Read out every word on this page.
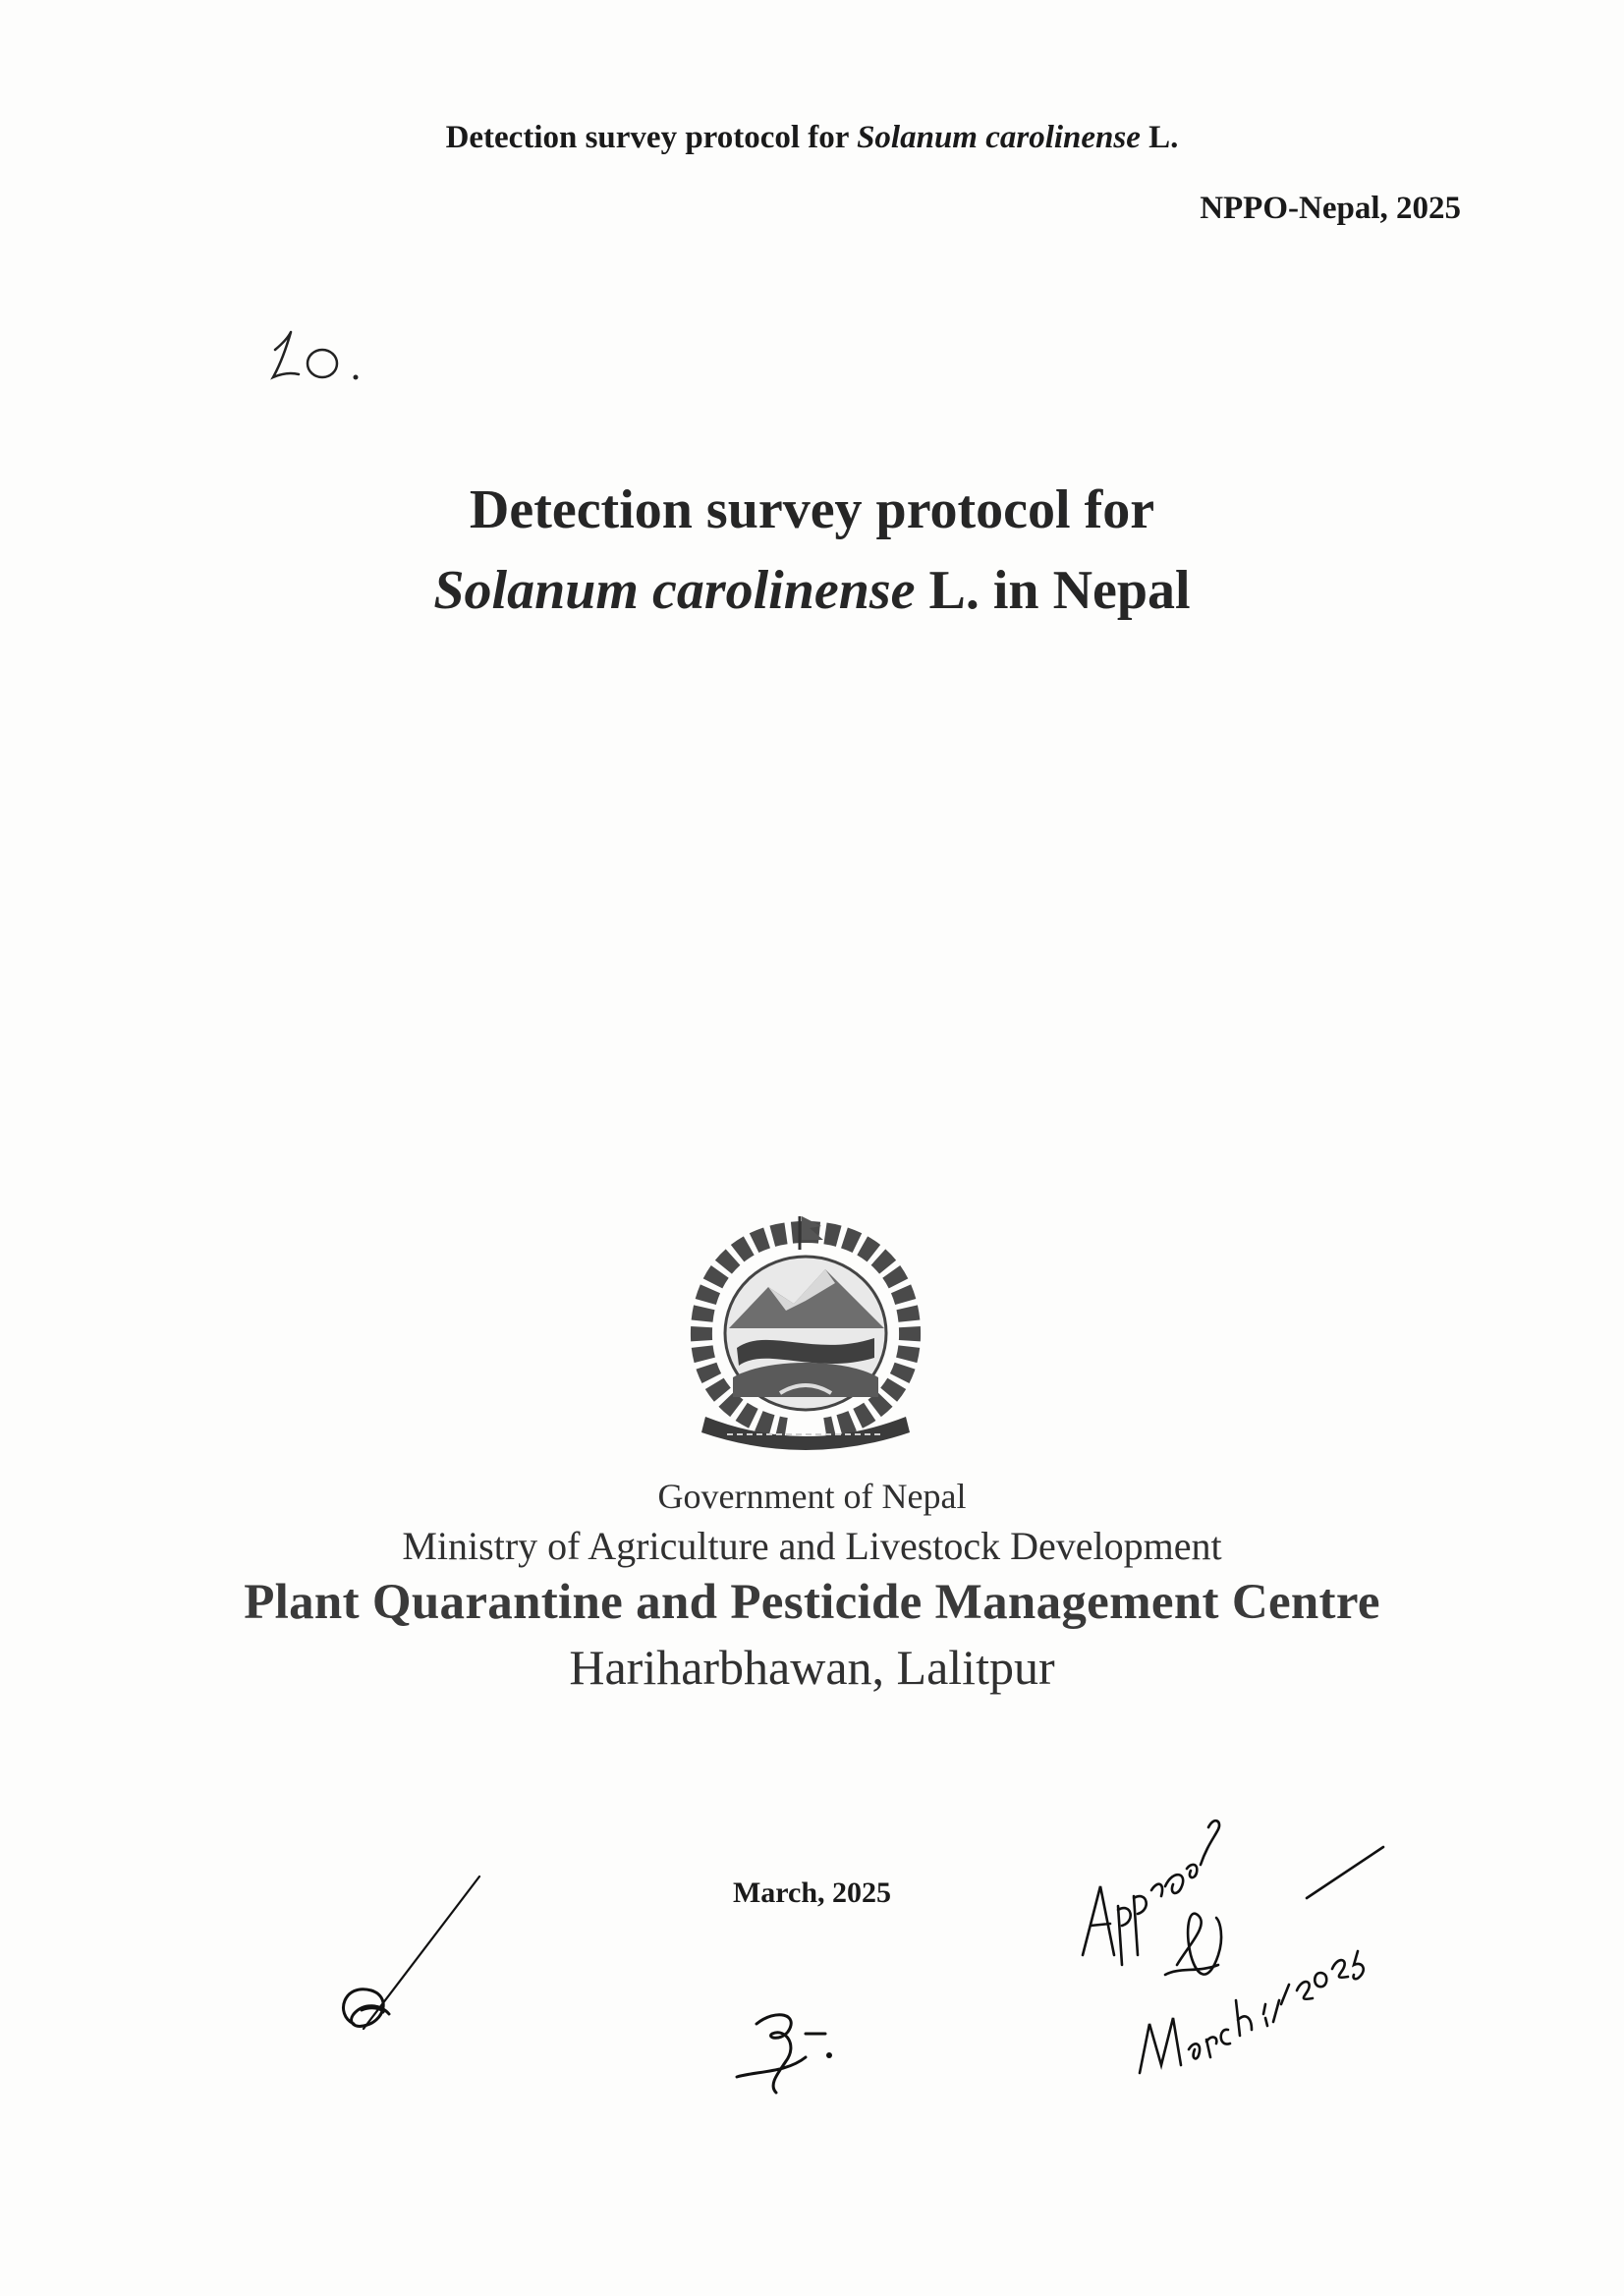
Detection survey protocol for Solanum carolinense L.
NPPO-Nepal, 2025
Detection survey protocol for
Solanum carolinense L. in Nepal
Government of Nepal
Ministry of Agriculture and Livestock Development
Plant Quarantine and Pesticide Management Centre
Hariharbhawan, Lalitpur
March, 2025
